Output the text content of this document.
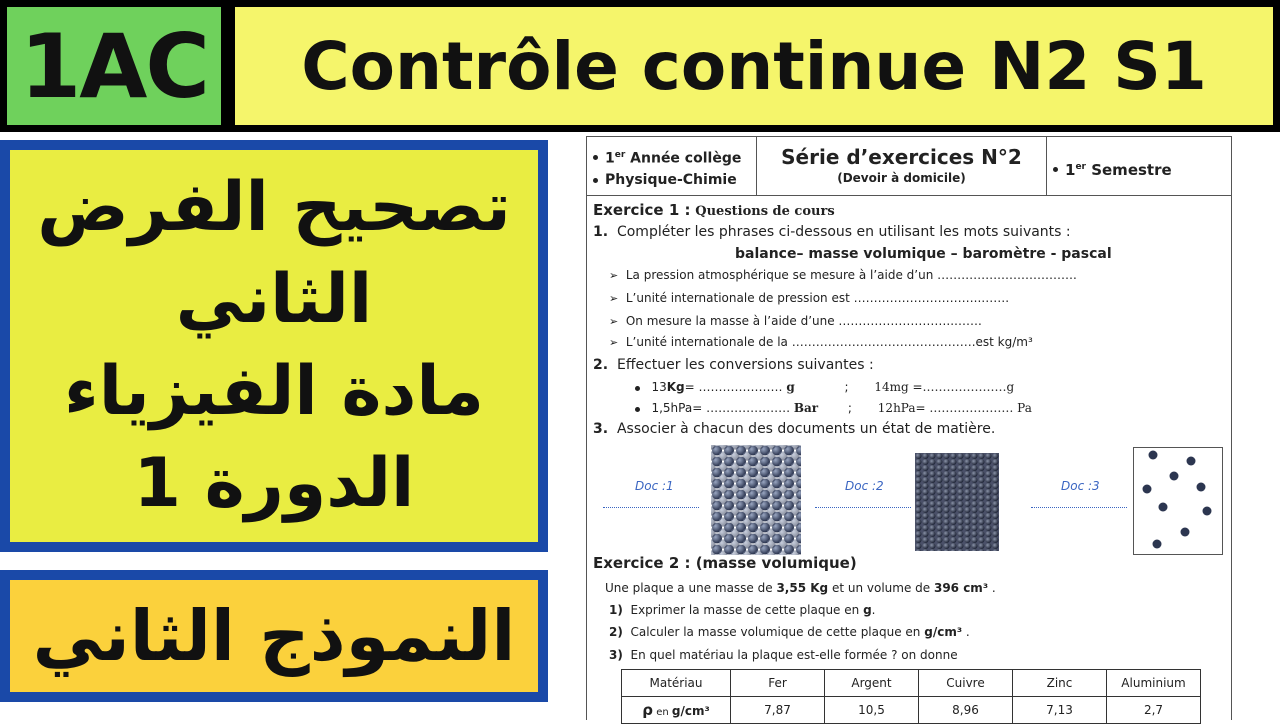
1AC	Contrôle continue N2 S1
تصحيح الفرض
الثاني
مادة الفيزياء
الدورة 1
النموذج الثاني
1er Année collège
Physique-Chimie
Série d’exercices N°2
(Devoir à domicile)	1er Semestre
Exercice 1 : Questions de cours
1. Compléter les phrases ci-dessous en utilisant les mots suivants :
balance– masse volumique – baromètre - pascal
➢ La pression atmosphérique se mesure à l’aide d’un …………….……………….
➢ L’unité internationale de pression est …………………………..…….
➢ On mesure la masse à l’aide d’une ………………………..…….
➢ L’unité internationale de la ……………………………………….est kg/m³
2. Effectuer les conversions suivantes :
13Kg= ………………… g	; 14mg =…………………g
1,5hPa= ………………… Bar ; 12hPa= ………………… Pa
3. Associer à chacun des documents un état de matière.
Doc :1	Doc :2	Doc :3
Exercice 2 : (masse volumique)
Une plaque a une masse de 3,55 Kg et un volume de 396 cm³ .
1) Exprimer la masse de cette plaque en g.
2) Calculer la masse volumique de cette plaque en g/cm³ .
3) En quel matériau la plaque est-elle formée ? on donne
Matériau	Fer	Argent	Cuivre	Zinc	Aluminium
ρ en g/cm³	7,87	10,5	8,96	7,13	2,7
